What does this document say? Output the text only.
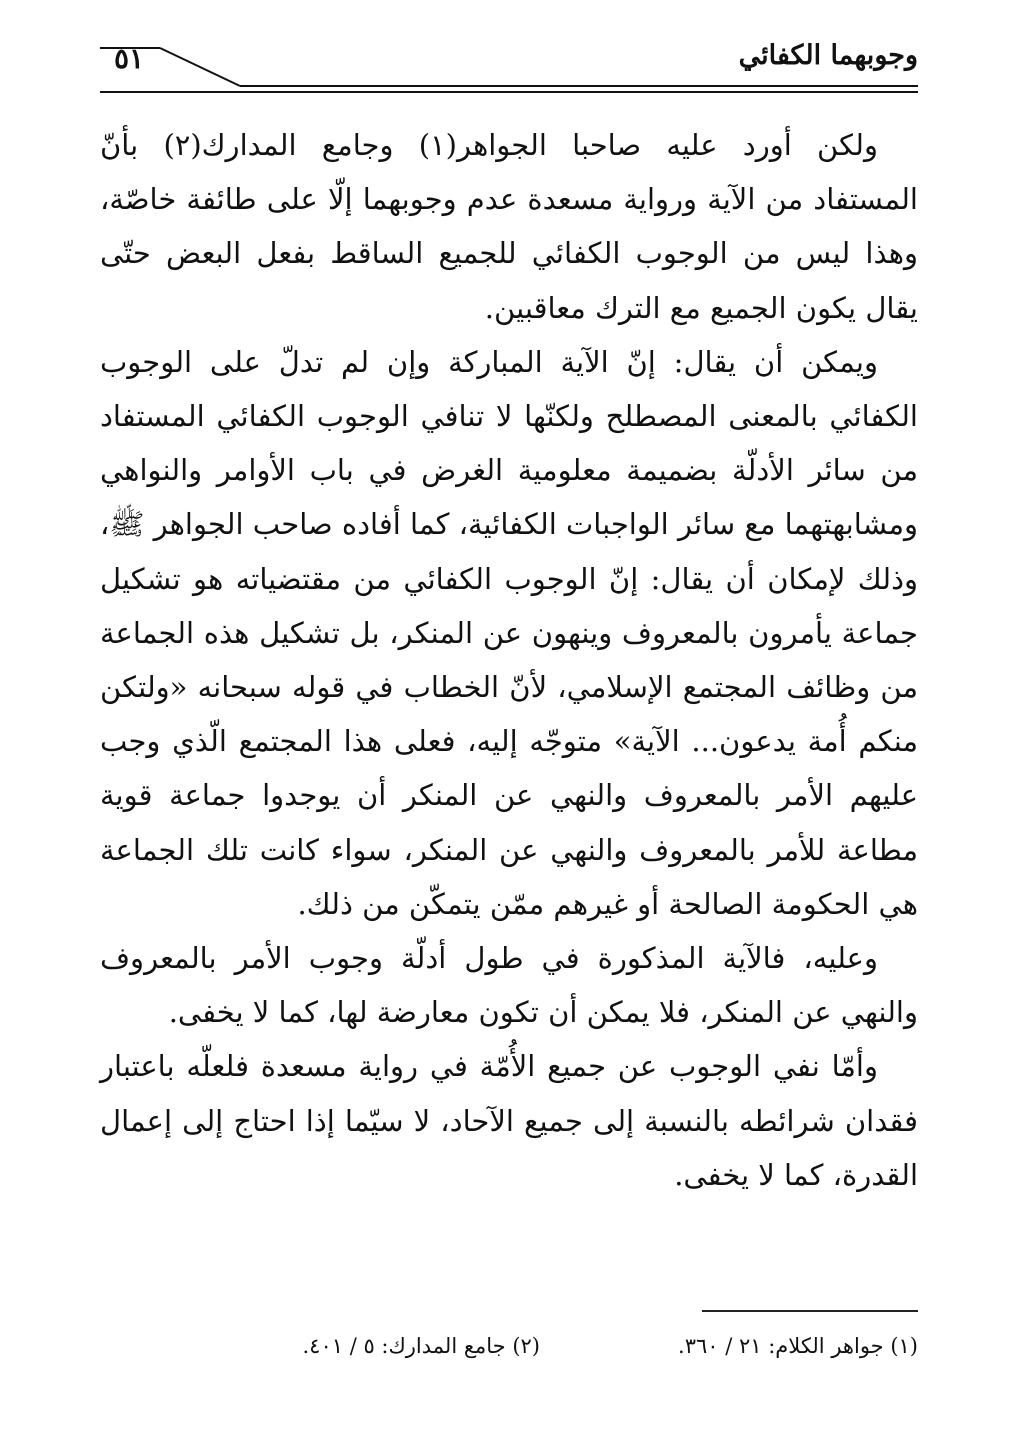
٥١	وجوبهما الكفائي

ولكن أورد عليه صاحبا الجواهر(١) وجامع المدارك(٢) بأنّ المستفاد من الآية ورواية مسعدة عدم وجوبهما إلّا على طائفة خاصّة، وهذا ليس من الوجوب الكفائي للجميع الساقط بفعل البعض حتّى يقال يكون الجميع مع الترك معاقبين.

ويمكن أن يقال: إنّ الآية المباركة وإن لم تدلّ على الوجوب الكفائي بالمعنى المصطلح ولكنّها لا تنافي الوجوب الكفائي المستفاد من سائر الأدلّة بضميمة معلومية الغرض في باب الأوامر والنواهي ومشابهتهما مع سائر الواجبات الكفائية، كما أفاده صاحب الجواهر ﷺ، وذلك لإمكان أن يقال: إنّ الوجوب الكفائي من مقتضياته هو تشكيل جماعة يأمرون بالمعروف وينهون عن المنكر، بل تشكيل هذه الجماعة من وظائف المجتمع الإسلامي، لأنّ الخطاب في قوله سبحانه «ولتكن منكم أُمة يدعون... الآية» متوجّه إليه، فعلى هذا المجتمع الّذي وجب عليهم الأمر بالمعروف والنهي عن المنكر أن يوجدوا جماعة قوية مطاعة للأمر بالمعروف والنهي عن المنكر، سواء كانت تلك الجماعة هي الحكومة الصالحة أو غيرهم ممّن يتمكّن من ذلك.

وعليه، فالآية المذكورة في طول أدلّة وجوب الأمر بالمعروف والنهي عن المنكر، فلا يمكن أن تكون معارضة لها، كما لا يخفى.

وأمّا نفي الوجوب عن جميع الأُمّة في رواية مسعدة فلعلّه باعتبار فقدان شرائطه بالنسبة إلى جميع الآحاد، لا سيّما إذا احتاج إلى إعمال القدرة، كما لا يخفى.

(١) جواهر الكلام: ٢١ / ٣٦٠.
(٢) جامع المدارك: ٥ / ٤٠١.
